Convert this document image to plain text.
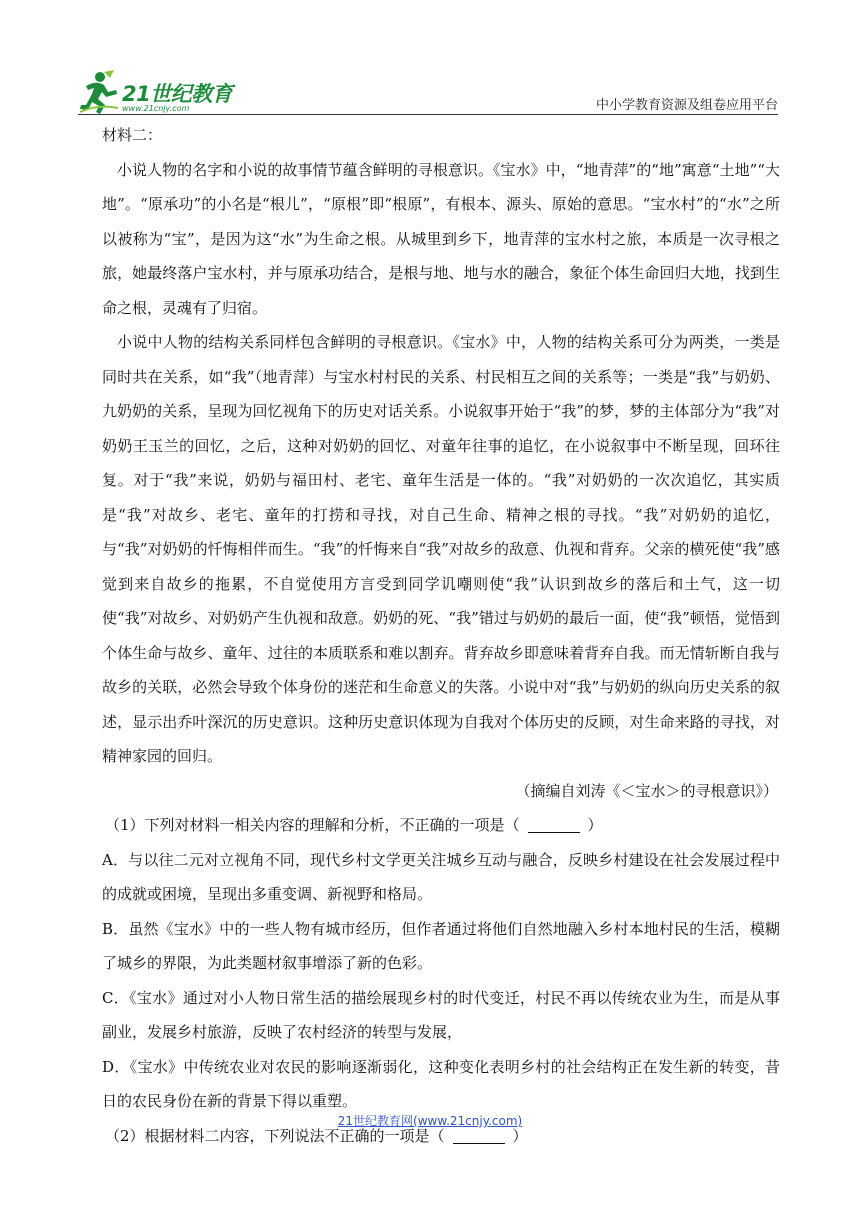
21世纪教育
www.21cnjy.com	中小学教育资源及组卷应用平台

材料二：

小说人物的名字和小说的故事情节蕴含鲜明的寻根意识。《宝水》中，“地青萍”的“地”寓意“土地”“大地”。“原承功”的小名是“根儿”，“原根”即“根原”，有根本、源头、原始的意思。“宝水村”的“水”之所以被称为“宝”，是因为这“水”为生命之根。从城里到乡下，地青萍的宝水村之旅，本质是一次寻根之旅，她最终落户宝水村，并与原承功结合，是根与地、地与水的融合，象征个体生命回归大地，找到生命之根，灵魂有了归宿。

小说中人物的结构关系同样包含鲜明的寻根意识。《宝水》中，人物的结构关系可分为两类，一类是同时共在关系，如“我”（地青萍）与宝水村村民的关系、村民相互之间的关系等；一类是“我”与奶奶、九奶奶的关系，呈现为回忆视角下的历史对话关系。小说叙事开始于“我”的梦，梦的主体部分为“我”对奶奶王玉兰的回忆，之后，这种对奶奶的回忆、对童年往事的追忆，在小说叙事中不断呈现，回环往复。对于“我”来说，奶奶与福田村、老宅、童年生活是一体的。“我”对奶奶的一次次追忆，其实质是“我”对故乡、老宅、童年的打捞和寻找，对自己生命、精神之根的寻找。“我”对奶奶的追忆，与“我”对奶奶的忏悔相伴而生。“我”的忏悔来自“我”对故乡的敌意、仇视和背弃。父亲的横死使“我”感觉到来自故乡的拖累，不自觉使用方言受到同学讥嘲则使“我”认识到故乡的落后和土气，这一切使“我”对故乡、对奶奶产生仇视和敌意。奶奶的死、“我”错过与奶奶的最后一面，使“我”顿悟，觉悟到个体生命与故乡、童年、过往的本质联系和难以割弃。背弃故乡即意味着背弃自我。而无情斩断自我与故乡的关联，必然会导致个体身份的迷茫和生命意义的失落。小说中对“我”与奶奶的纵向历史关系的叙述，显示出乔叶深沉的历史意识。这种历史意识体现为自我对个体历史的反顾，对生命来路的寻找，对精神家园的回归。

（摘编自刘涛《＜宝水＞的寻根意识》）

（1）下列对材料一相关内容的理解和分析，不正确的一项是（	）

A．与以往二元对立视角不同，现代乡村文学更关注城乡互动与融合，反映乡村建设在社会发展过程中的成就或困境，呈现出多重变调、新视野和格局。

B．虽然《宝水》中的一些人物有城市经历，但作者通过将他们自然地融入乡村本地村民的生活，模糊了城乡的界限，为此类题材叙事增添了新的色彩。

C．《宝水》通过对小人物日常生活的描绘展现乡村的时代变迁，村民不再以传统农业为生，而是从事副业，发展乡村旅游，反映了农村经济的转型与发展，

D．《宝水》中传统农业对农民的影响逐渐弱化，这种变化表明乡村的社会结构正在发生新的转变，昔日的农民身份在新的背景下得以重塑。

（2）根据材料二内容，下列说法不正确的一项是（	）

21世纪教育网(www.21cnjy.com)
